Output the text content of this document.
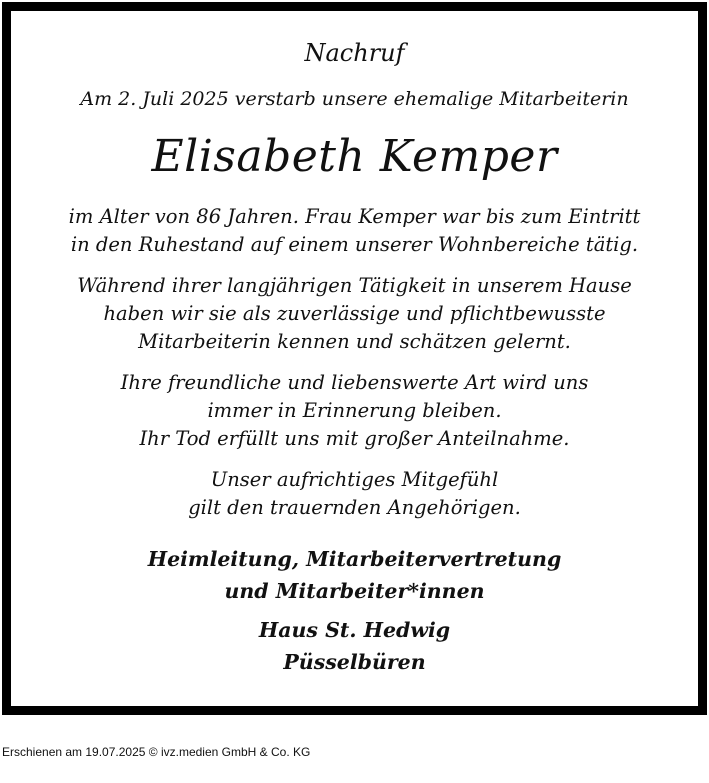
Nachruf

Am 2. Juli 2025 verstarb unsere ehemalige Mitarbeiterin

Elisabeth Kemper

im Alter von 86 Jahren. Frau Kemper war bis zum Eintritt

in den Ruhestand auf einem unserer Wohnbereiche tätig.

Während ihrer langjährigen Tätigkeit in unserem Hause

haben wir sie als zuverlässige und pflichtbewusste

Mitarbeiterin kennen und schätzen gelernt.

Ihre freundliche und liebenswerte Art wird uns

immer in Erinnerung bleiben.

Ihr Tod erfüllt uns mit großer Anteilnahme.

Unser aufrichtiges Mitgefühl

gilt den trauernden Angehörigen.

Heimleitung, Mitarbeitervertretung

und Mitarbeiter*innen

Haus St. Hedwig

Püsselbüren

Erschienen am 19.07.2025 © ivz.medien GmbH & Co. KG
